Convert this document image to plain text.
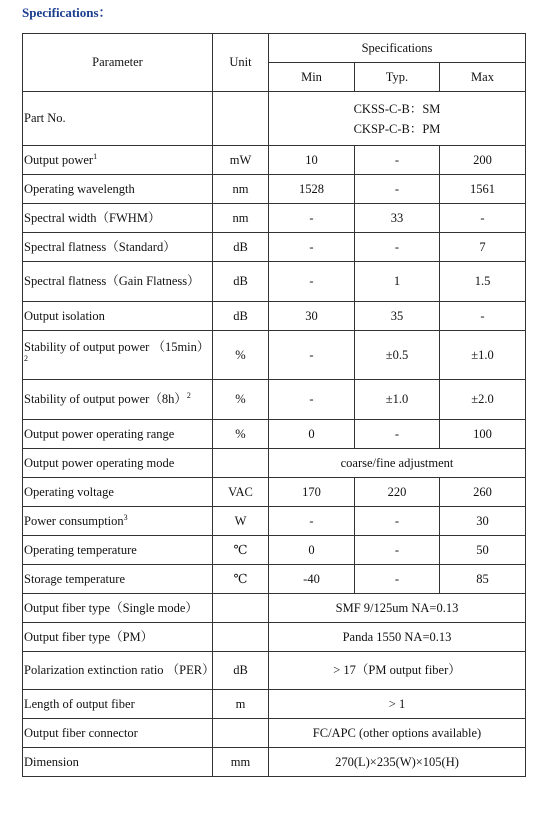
Specifications：
Parameter	Unit	Specifications		
		Min	Typ.	Max
Part No.		CKSS-C-B：SM
CKSP-C-B：PM		

Output power$^1$	mW	10	-	200
Operating wavelength	nm	1528	-	1561
Spectral width（FWHM）	nm	-	33	-
Spectral flatness（Standard）	dB	-	-	7
Spectral flatness（Gain Flatness）	dB	-	1	1.5
Output isolation	dB	30	35	-
Stability of output power $(15\min)^2$	%	-	±0.5	±1.0
Stability of output $power(8h)^2$	%	-	±1.0	±2.0
Output power operating range	%	0	-	100
Output power operating mode		coarse/fine adjustment		
Operating voltage	VAC	170	220	260
Power consumption$^3$	W	-	-	30
Operating temperature	℃	0	-	50
Storage temperature	℃	-40	-	85
Output fiber type（Single mode）		SMF 9/125um NA=0.13		
Output fiber type（PM）		Panda 1550 NA=0.13		
Polarization extinction ratio （PER）	dB	> 17（PM output fiber）		
Length of output fiber	m	> 1		
Output fiber connector		FC/APC (other options available)		
Dimension	mm	270(L)×235(W)×105(H)		
